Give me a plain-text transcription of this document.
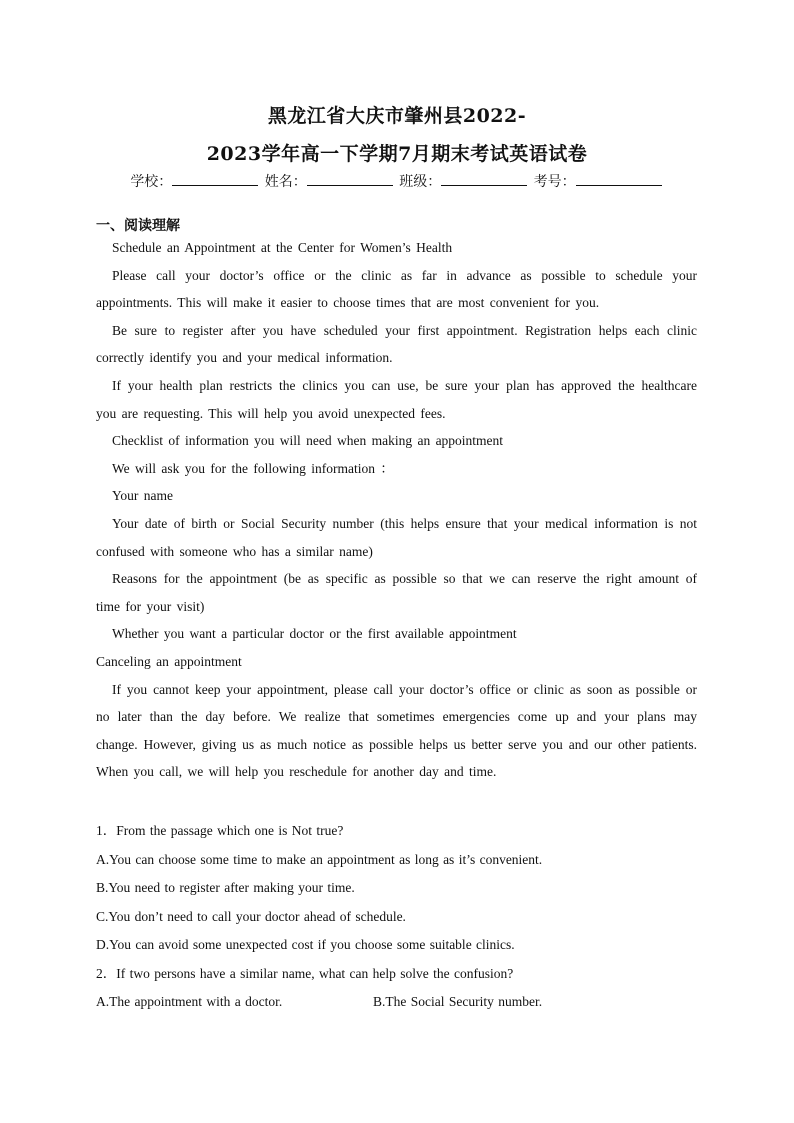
黑龙江省大庆市肇州县2022-
2023学年高一下学期7月期末考试英语试卷
学校：	姓名：	班级：	考号：
一、阅读理解

Schedule an Appointment at the Center for Women’s Health

Please call your doctor’s office or the clinic as far in advance as possible to schedule your appointments. This will make it easier to choose times that are most convenient for you.

Be sure to register after you have scheduled your first appointment. Registration helps each clinic correctly identify you and your medical information.

If your health plan restricts the clinics you can use, be sure your plan has approved the healthcare you are requesting. This will help you avoid unexpected fees.

Checklist of information you will need when making an appointment

We will ask you for the following information ：

Your name

Your date of birth or Social Security number (this helps ensure that your medical information is not confused with someone who has a similar name)

Reasons for the appointment (be as specific as possible so that we can reserve the right amount of time for your visit)

Whether you want a particular doctor or the first available appointment

Canceling an appointment

If you cannot keep your appointment, please call your doctor’s office or clinic as soon as possible or no later than the day before. We realize that sometimes emergencies come up and your plans may change. However, giving us as much notice as possible helps us better serve you and our other patients. When you call, we will help you reschedule for another day and time.

1．From the passage which one is Not true?

A.You can choose some time to make an appointment as long as it’s convenient.

B.You need to register after making your time.

C.You don’t need to call your doctor ahead of schedule.

D.You can avoid some unexpected cost if you choose some suitable clinics.

2．If two persons have a similar name, what can help solve the confusion?

A.The appointment with a doctor.	B.The Social Security number.
